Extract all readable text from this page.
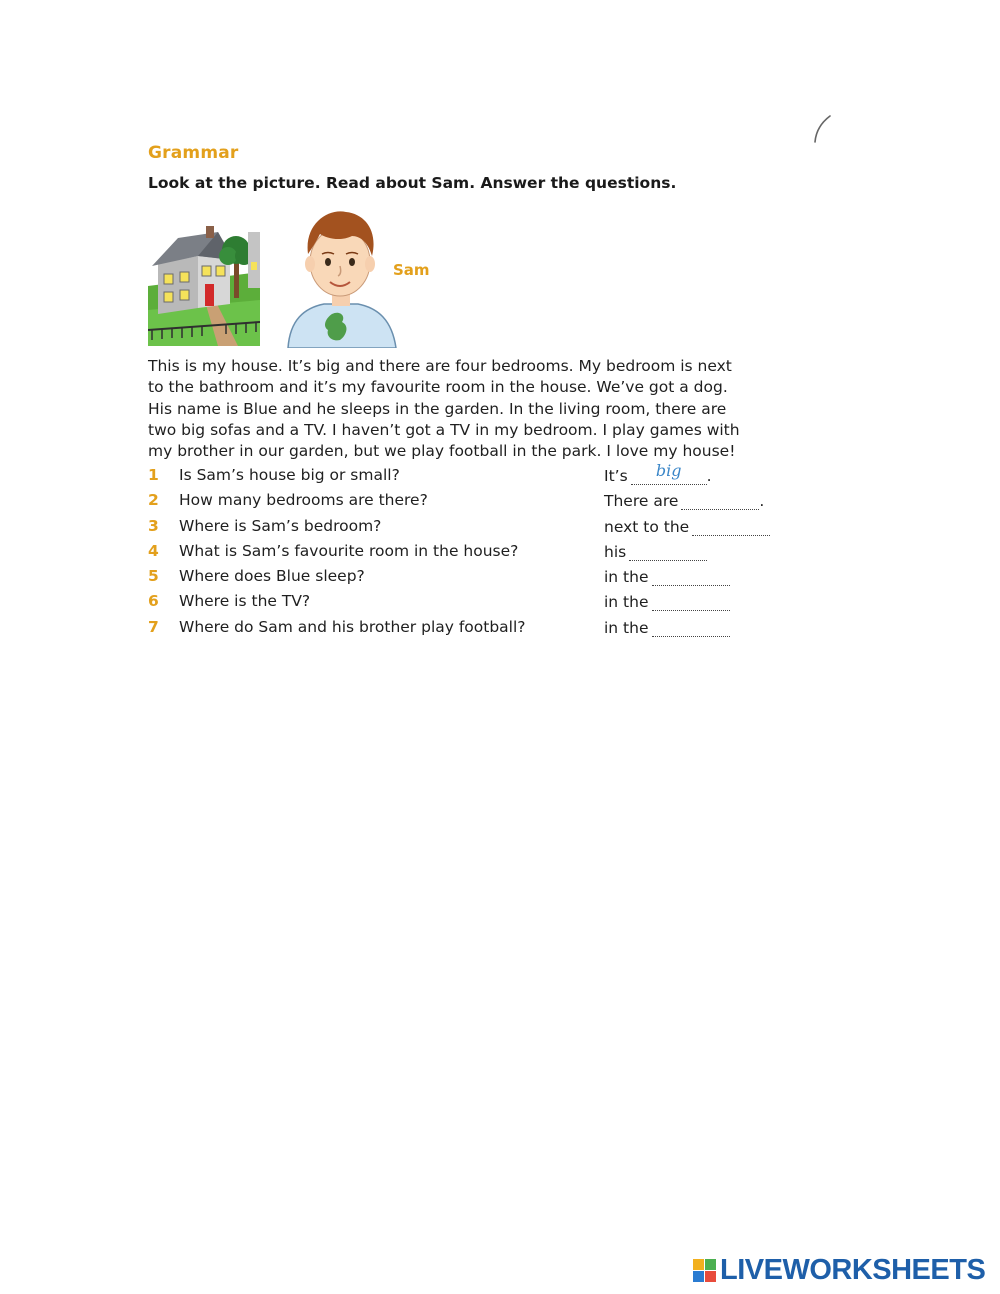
Grammar
Look at the picture. Read about Sam. Answer the questions.
Sam
This is my house. It’s big and there are four bedrooms. My bedroom is next
to the bathroom and it’s my favourite room in the house. We’ve got a dog.
His name is Blue and he sleeps in the garden. In the living room, there are
two big sofas and a TV. I haven’t got a TV in my bedroom. I play games with
my brother in our garden, but we play football in the park. I love my house!
1	Is Sam’s house big or small?	It’s big .
2	How many bedrooms are there?	There are	.
3	Where is Sam’s bedroom?	next to the
4	What is Sam’s favourite room in the house?	his
5	Where does Blue sleep?	in the
6	Where is the TV?	in the
7	Where do Sam and his brother play football?	in the
LIVEWORKSHEETS
